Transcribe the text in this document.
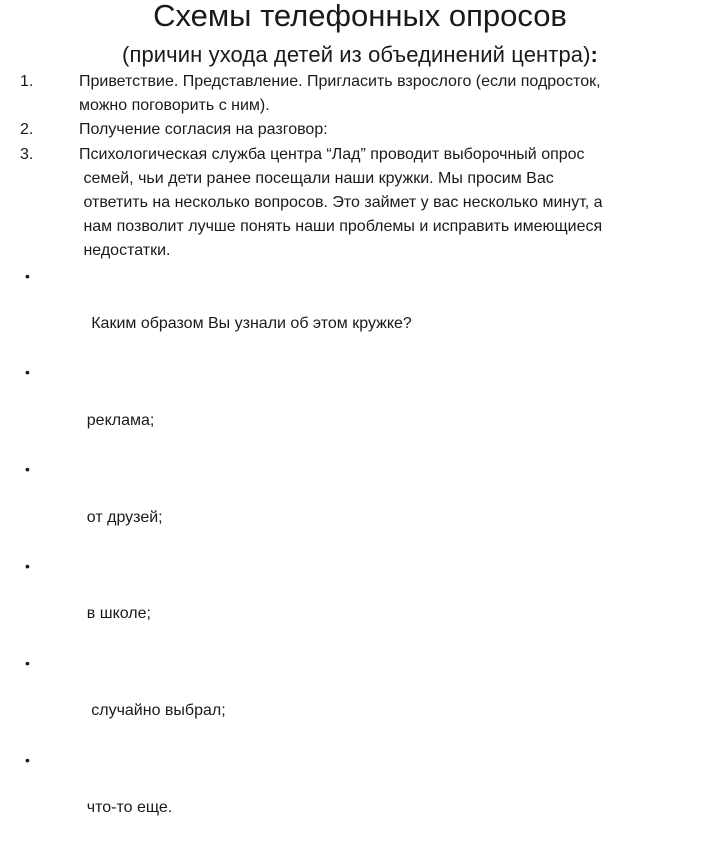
Схемы телефонных опросов
(причин ухода детей из объединений центра):
1.	Приветствие. Представление. Пригласить взрослого (если подросток,
можно поговорить с ним).
2.	Получение согласия на разговор:
3.	Психологическая служба центра “Лад” проводит выборочный опрос
семей, чьи дети ранее посещали наши кружки. Мы просим Вас
ответить на несколько вопросов. Это займет у вас несколько минут, а
нам позволит лучше понять наши проблемы и исправить имеющиеся
недостатки.

•

Каким образом Вы узнали об этом кружке?

•

реклама;

•

от друзей;

•

в школе;

•

случайно выбрал;

•

что-то еще.
